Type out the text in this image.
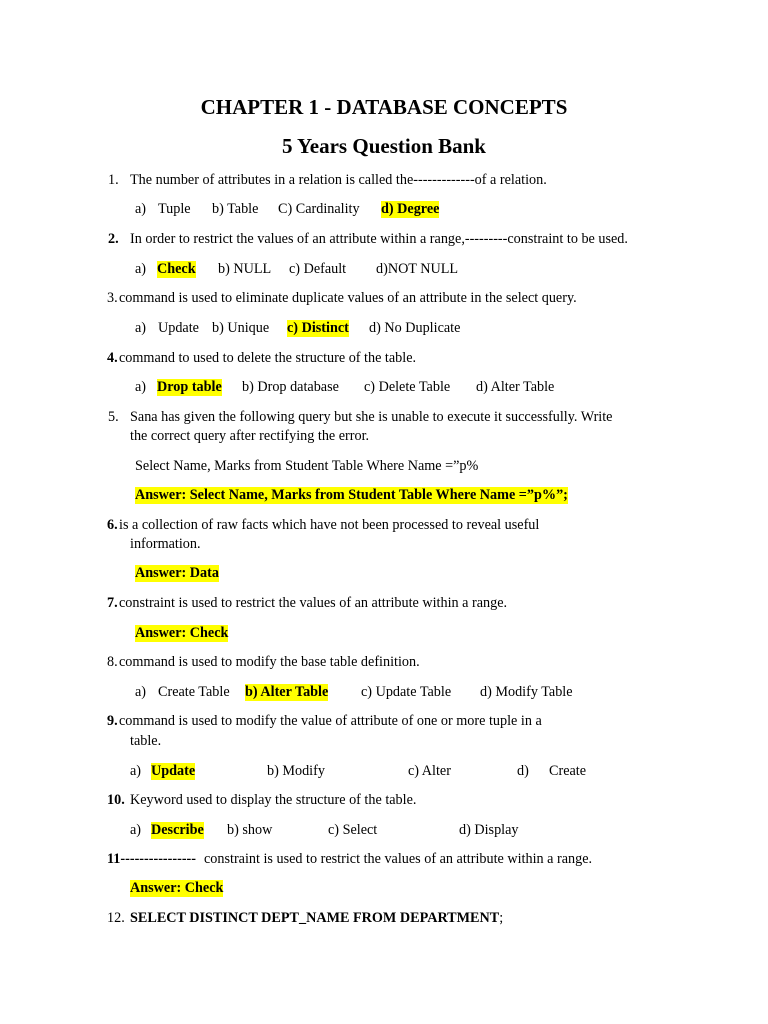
CHAPTER 1 - DATABASE CONCEPTS
5 Years Question Bank
1. The number of attributes in a relation is called the-------------of a relation.
a) Tuple b) Table C) Cardinality d) Degree
2. In order to restrict the values of an attribute within a range,---------constraint to be used.
a) Check b) NULL c) Default d)NOT NULL
3. command is used to eliminate duplicate values of an attribute in the select query.
a) Update b) Unique c) Distinct d) No Duplicate
4. command to used to delete the structure of the table.
a) Drop table b) Drop database c) Delete Table d) Alter Table
5. Sana has given the following query but she is unable to execute it successfully. Write
the correct query after rectifying the error.
Select Name, Marks from Student Table Where Name =”p%
Answer: Select Name, Marks from Student Table Where Name =”p%”;
6. is a collection of raw facts which have not been processed to reveal useful
information.
Answer: Data
7. constraint is used to restrict the values of an attribute within a range.
Answer: Check
8. command is used to modify the base table definition.
a) Create Table b) Alter Table c) Update Table d) Modify Table
9. command is used to modify the value of attribute of one or more tuple in a
table.
a) Update	b) Modify	c) Alter	d) Create
10. Keyword used to display the structure of the table.
a) Describe b) show	c) Select	d) Display
11---------------- constraint is used to restrict the values of an attribute within a range.
Answer: Check
12. SELECT DISTINCT DEPT_NAME FROM DEPARTMENT;
